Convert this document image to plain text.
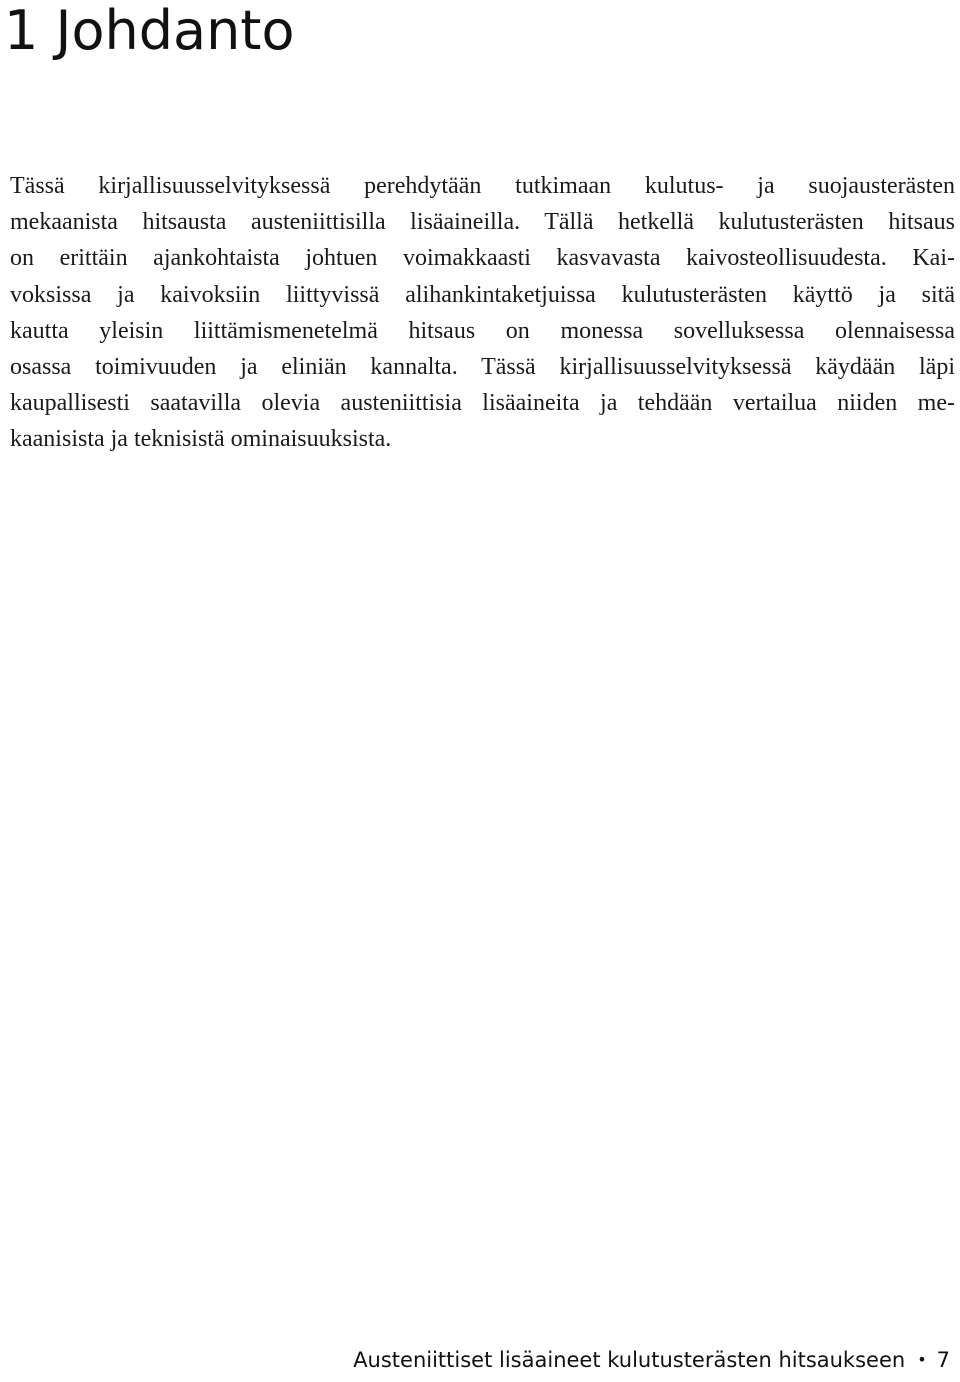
1 Johdanto
Tässä kirjallisuusselvityksessä perehdytään tutkimaan kulutus- ja suojausterästen
mekaanista hitsausta austeniittisilla lisäaineilla. Tällä hetkellä kulutusterästen hitsaus
on erittäin ajankohtaista johtuen voimakkaasti kasvavasta kaivosteollisuudesta. Kai-
voksissa ja kaivoksiin liittyvissä alihankintaketjuissa kulutusterästen käyttö ja sitä
kautta yleisin liittämismenetelmä hitsaus on monessa sovelluksessa olennaisessa
osassa toimivuuden ja eliniän kannalta. Tässä kirjallisuusselvityksessä käydään läpi
kaupallisesti saatavilla olevia austeniittisia lisäaineita ja tehdään vertailua niiden me-
kaanisista ja teknisistä ominaisuuksista.
Austeniittiset lisäaineet kulutusterästen hitsaukseen • 7
